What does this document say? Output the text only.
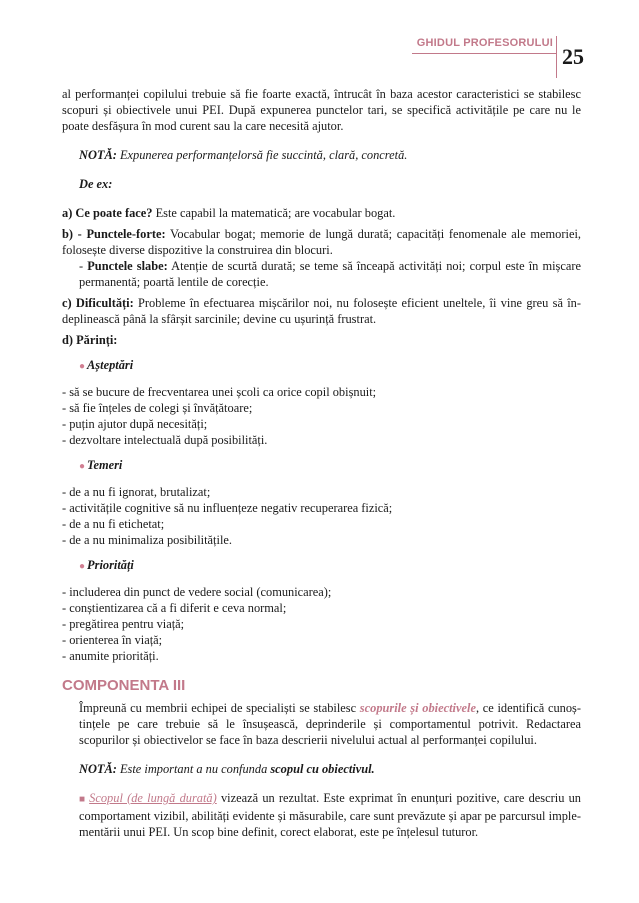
GHIDUL PROFESORULUI
25

al performanței copilului trebuie să fie foarte exactă, întrucât în baza acestor caracteristici se stabilesc scopuri și obiectivele unui PEI. După expunerea punctelor tari, se specifică activitățile pe care nu le poate desfășura în mod curent sau la care necesită ajutor.

NOTĂ: Expunerea performanțelorsă fie succintă, clară, concretă.

De ex:

a) Ce poate face? Este capabil la matematică; are vocabular bogat.

b) - Punctele-forte: Vocabular bogat; memorie de lungă durată; capacități fenomenale ale memoriei, folosește diverse dispozitive la construirea din blocuri.

- Punctele slabe: Atenție de scurtă durată; se teme să înceapă activități noi; corpul este în mișcare permanentă; poartă lentile de corecție.

c) Dificultăți: Probleme în efectuarea mișcărilor noi, nu folosește eficient uneltele, îi vine greu să în- deplinească până la sfârșit sarcinile; devine cu ușurință frustrat.

d) Părinți:

● Așteptări

- să se bucure de frecventarea unei școli ca orice copil obișnuit;

- să fie înțeles de colegi și învățătoare;

- puțin ajutor după necesități;

- dezvoltare intelectuală după posibilități.

● Temeri

- de a nu fi ignorat, brutalizat;

- activitățile cognitive să nu influențeze negativ recuperarea fizică;

- de a nu fi etichetat;

- de a nu minimaliza posibilitățile.

● Priorități

- includerea din punct de vedere social (comunicarea);

- conștientizarea că a fi diferit e ceva normal;

- pregătirea pentru viață;

- orienterea în viață;

- anumite priorități.

COMPONENTA III

Împreună cu membrii echipei de specialiști se stabilesc scopurile și obiectivele, ce identifică cunoș- tințele pe care trebuie să le însușească, deprinderile și comportamentul potrivit. Redactarea scopurilor și obiectivelor se face în baza descrierii nivelului actual al performanței copilului.

NOTĂ: Este important a nu confunda scopul cu obiectivul.

■ Scopul (de lungă durată) vizează un rezultat. Este exprimat în enunțuri pozitive, care descriu un comportament vizibil, abilități evidente și măsurabile, care sunt prevăzute și apar pe parcursul imple- mentării unui PEI. Un scop bine definit, corect elaborat, este pe înțelesul tuturor.
